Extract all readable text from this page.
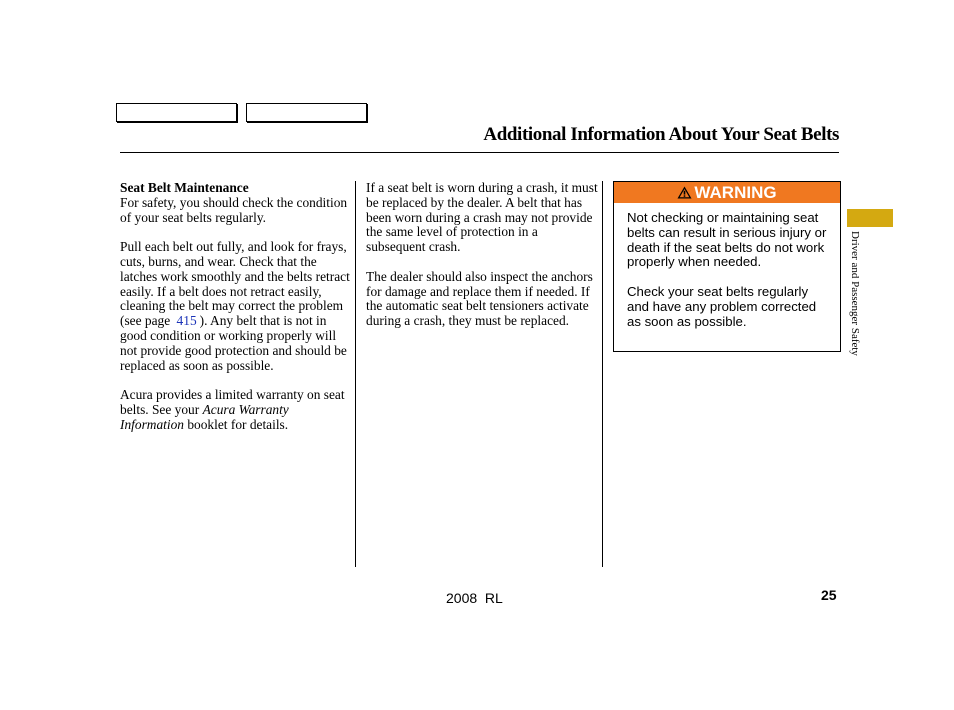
Additional Information About Your Seat Belts

Seat Belt Maintenance
For safety, you should check the condition of your seat belts regularly.

Pull each belt out fully, and look for frays, cuts, burns, and wear. Check that the latches work smoothly and the belts retract easily. If a belt does not retract easily, cleaning the belt may correct the problem (see page 415 ). Any belt that is not in good condition or working properly will not provide good protection and should be replaced as soon as possible.

Acura provides a limited warranty on seat belts. See your Acura Warranty Information booklet for details.

If a seat belt is worn during a crash, it must be replaced by the dealer. A belt that has been worn during a crash may not provide the same level of protection in a subsequent crash.

The dealer should also inspect the anchors for damage and replace them if needed. If the automatic seat belt tensioners activate during a crash, they must be replaced.

WARNING

Not checking or maintaining seat belts can result in serious injury or death if the seat belts do not work properly when needed.

Check your seat belts regularly and have any problem corrected as soon as possible.	Driver and Passenger Safety
2008  RL	25
